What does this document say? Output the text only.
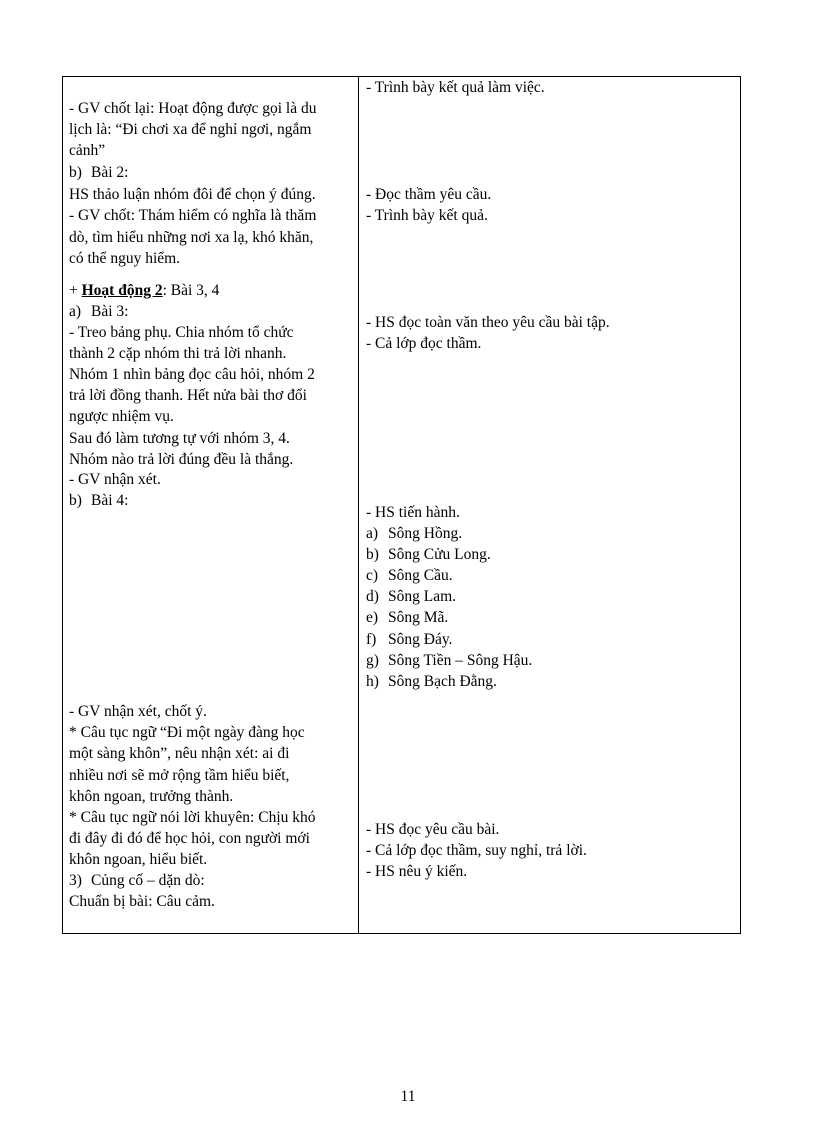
- GV chốt lại: Hoạt động được gọi là du
lịch là: “Đi chơi xa để nghỉ ngơi, ngắm
cảnh”
b) Bài 2:
HS thảo luận nhóm đôi để chọn ý đúng.
- GV chốt: Thám hiểm có nghĩa là thăm
dò, tìm hiểu những nơi xa lạ, khó khăn,
có thể nguy hiểm.
+ Hoạt động 2: Bài 3, 4
a) Bài 3:
- Treo bảng phụ. Chia nhóm tổ chức
thành 2 cặp nhóm thi trả lời nhanh.
Nhóm 1 nhìn bảng đọc câu hỏi, nhóm 2
trả lời đồng thanh. Hết nửa bài thơ đổi
ngược nhiệm vụ.
Sau đó làm tương tự với nhóm 3, 4.
Nhóm nào trả lời đúng đều là thắng.
- GV nhận xét.
b) Bài 4:
- GV nhận xét, chốt ý.
* Câu tục ngữ “Đi một ngày đàng học
một sàng khôn”, nêu nhận xét: ai đi
nhiều nơi sẽ mở rộng tầm hiểu biết,
khôn ngoan, trưởng thành.
* Câu tục ngữ nói lời khuyên: Chịu khó
đi đây đi đó để học hỏi, con người mới
khôn ngoan, hiểu biết.
3) Củng cố – dặn dò:
Chuẩn bị bài: Câu cảm.
- Trình bày kết quả làm việc.
- Đọc thầm yêu cầu.
- Trình bày kết quả.
- HS đọc toàn văn theo yêu cầu bài tập.
- Cả lớp đọc thầm.
- HS tiến hành.
a) Sông Hồng.
b) Sông Cửu Long.
c) Sông Cầu.
d) Sông Lam.
e) Sông Mã.
f) Sông Đáy.
g) Sông Tiền – Sông Hậu.
h) Sông Bạch Đằng.
- HS đọc yêu cầu bài.
- Cả lớp đọc thầm, suy nghỉ, trả lời.
- HS nêu ý kiến.
11
